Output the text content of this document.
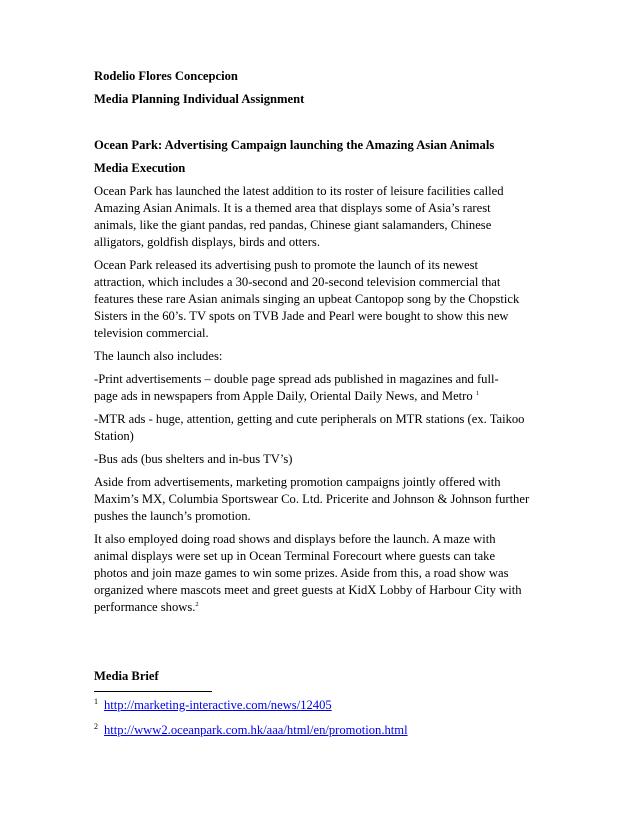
Rodelio Flores Concepcion
Media Planning Individual Assignment
Ocean Park: Advertising Campaign launching the Amazing Asian Animals
Media Execution
Ocean Park has launched the latest addition to its roster of leisure facilities called
Amazing Asian Animals. It is a themed area that displays some of Asia’s rarest
animals, like the giant pandas, red pandas, Chinese giant salamanders, Chinese
alligators, goldfish displays, birds and otters.
Ocean Park released its advertising push to promote the launch of its newest
attraction, which includes a 30-second and 20-second television commercial that
features these rare Asian animals singing an upbeat Cantopop song by the Chopstick
Sisters in the 60’s. TV spots on TVB Jade and Pearl were bought to show this new
television commercial.
The launch also includes:
-Print advertisements – double page spread ads published in magazines and full-
page ads in newspapers from Apple Daily, Oriental Daily News, and Metro $^1$
-MTR ads - huge, attention, getting and cute peripherals on MTR stations (ex. Taikoo
Station)
-Bus ads (bus shelters and in-bus TV’s)
Aside from advertisements, marketing promotion campaigns jointly offered with
Maxim’s MX, Columbia Sportswear Co. Ltd. Pricerite and Johnson & Johnson further
pushes the launch’s promotion.
It also employed doing road shows and displays before the launch. A maze with
animal displays were set up in Ocean Terminal Forecourt where guests can take
photos and join maze games to win some prizes. Aside from this, a road show was
organized where mascots meet and greet guests at KidX Lobby of Harbour City with
performance shows.$^2$
Media Brief
$^1$ http://marketing-interactive.com/news/12405
$^2$ http://www2.oceanpark.com.hk/aaa/html/en/promotion.html
